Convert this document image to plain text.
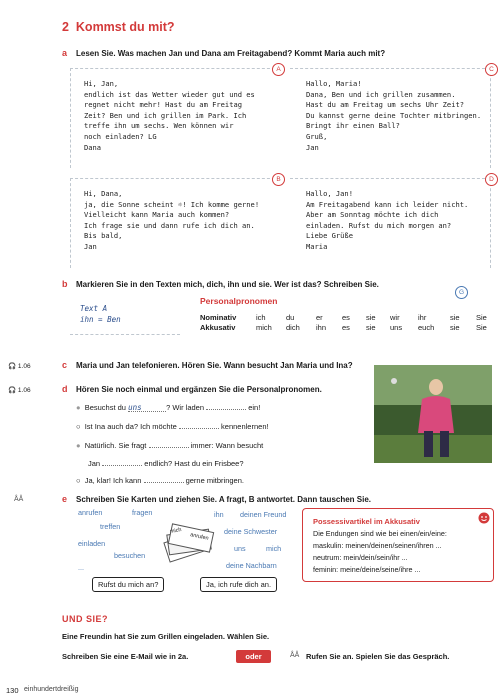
2 Kommst du mit?
a Lesen Sie. Was machen Jan und Dana am Freitagabend? Kommt Maria auch mit?
A	C
B	D
Hi, Jan,
endlich ist das Wetter wieder gut und es
regnet nicht mehr! Hast du am Freitag
Zeit? Ben und ich grillen im Park. Ich
treffe ihn um sechs. Wen können wir
noch einladen? LG
Dana
Hallo, Maria!
Dana, Ben und ich grillen zusammen.
Hast du am Freitag um sechs Uhr Zeit?
Du kannst gerne deine Tochter mitbringen.
Bringt ihr einen Ball?
Gruß,
Jan
Hi, Dana,
ja, die Sonne scheint ☼! Ich komme gerne!
Vielleicht kann Maria auch kommen?
Ich frage sie und dann rufe ich dich an.
Bis bald,
Jan
Hallo, Jan!
Am Freitagabend kann ich leider nicht.
Aber am Sonntag möchte ich dich
einladen. Rufst du mich morgen an?
Liebe Grüße
Maria
b Markieren Sie in den Texten mich, dich, ihn und sie. Wer ist das? Schreiben Sie.
G
Text A
ihn = Ben
Personalpronomen
Nominativ	ich	du	er	es	sie	wir	ihr	sie	Sie
Akkusativ	mich	dich	ihn	es	sie	uns	euch	sie	Sie
🎧 1.06	c Maria und Jan telefonieren. Hören Sie. Wann besucht Jan Maria und Ina?
🎧 1.06	d Hören Sie noch einmal und ergänzen Sie die Personalpronomen.
● Besuchst du uns	? Wir laden	ein!
○ Ist Ina auch da? Ich möchte	kennenlernen!
● Natürlich. Sie fragt	immer: Wann besucht
Jan	endlich? Hast du ein Frisbee?
○ Ja, klar! Ich kann	gerne mitbringen.
ÅÅ	e Schreiben Sie Karten und ziehen Sie. A fragt, B antwortet. Dann tauschen Sie.
anrufen	fragen
treffen
einladen
besuchen
...
mich
anrufen
ihn deinen Freund
deine Schwester
uns	mich
deine Nachbarn
Rufst du mich an?	Ja, ich rufe dich an.
Possessivartikel im Akkusativ
Die Endungen sind wie bei einen/ein/eine:
maskulin: meinen/deinen/seinen/ihren ...
neutrum: mein/dein/sein/ihr ...
feminin: meine/deine/seine/ihre ...
UND SIE?
Eine Freundin hat Sie zum Grillen eingeladen. Wählen Sie.
Schreiben Sie eine E-Mail wie in 2a.	oder	ÅÅ Rufen Sie an. Spielen Sie das Gespräch.
130 einhundertdreißig
